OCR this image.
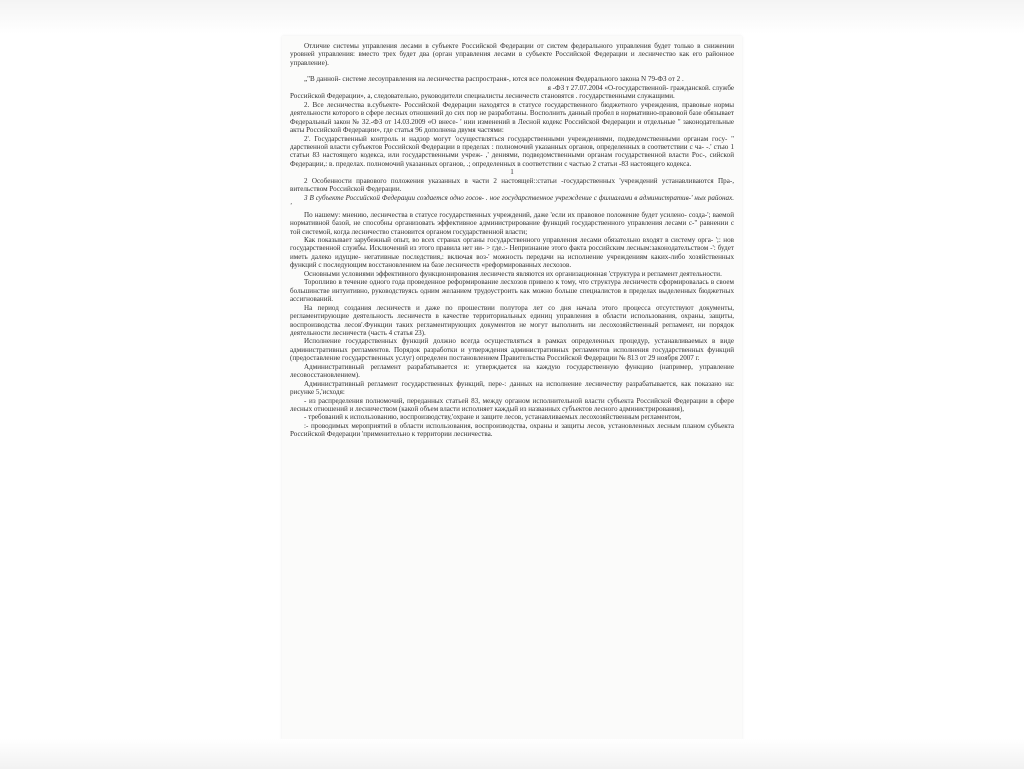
Отличие системы управления лесами в субъекте Российской Федерации от систем федерального управления будет только в снижении уровней управления: вместо трех будет два (орган управления лесами в субъекте Российской Федерации и лесничество как его районное управление).

„"В данной- системе лесоуправления на лесничества распространя-, ются все положения Федерального закона N 79-ФЗ от 2 .

я -ФЗ т 27.07.2004 «О-государственной- гражданской. службе

Российской Федерации», а, следовательно, руководители специалисты лесничеств становятся . государственными служащими.

2. Все лесничества в.субъекте- Российской Федерации находятся в статусе государственного бюджетного учреждения, правовые нормы деятельности которого в сфере лесных отношений до сих пор не разработаны. Восполнить данный пробел в нормативно-правовой базе обязывает Федеральный закон № 32.-ФЗ от 14.03.2009 «О внесе- ' нии изменений в Лесной кодекс Российской Федерации и отдельные " законодательные акты Российской Федерации», где статья 96 дополнена двумя частями:

2'. Государственный контроль и надзор могут 'осуществляться государственными учреждениями, подведомственными органам госу- " дарственной власти субъектов Российской Федерации в пределах : полномочий указанных органов, определенных в соответствии с ча- -.' стью 1 статьи 83 настоящего кодекса, или государственными учреж- ,' дениями, подведомственными органам государственной власти Рос-, сийской Федерации,: в. пределах. полномочий указанных органов, .; определенных в соответствии с частью 2 статьи -83 настоящего кодекса.

1

2 Особенности правового положения указанных в части 2 настоящей::статьи -государственных 'учреждений устанавливаются Пра-, вительством Российской Федерации.

3 В субъекте Российской Федерации создается одно госов- . ное государственное учреждение с филиалами в административ-' ных районах. '

По нашему: мнению, лесничества в статусе государственных учреждений, даже 'если их правовое положение будет усилено- созда-'; ваемой нормативной базой, не способны организовать эффективное администрирование функций государственного управления лесами с-" равнении с той системой, когда лесничество становится органом государственной власти;

Как показывает зарубежный опыт, во всех странах органы государственного управления лесами обязательно входят в систему орга- ';: нов государственной службы. Исключений из этого правила нет ни- > где.:- Непризнание этого факта российским лесным:законодательством -': будет иметь далеко идущие- негативные последствия,: включая воз-' можность передачи на исполнение учреждениям каких-либо хозяйственных функций с последующим восстановлением на базе лесничеств «реформированных лесхозов.

Основными условиями эффективного функционирования лесничеств являются их организационная 'структура и регламент деятельности.

Торопливо в течение одного года проведенное реформирование лесхозов привело к тому, что структура лесничеств сформировалась в своем большинстве интуитивно, руководствуясь одним желанием трудоустроить как можно больше специалистов в пределах выделенных бюджетных ассигнований.

На период создания лесничеств и даже по прошествии полутора лет со дня начала этого процесса отсутствуют документы, регламентирующие деятельность лесничеств в качестве территориальных единиц управления в области использования, охраны, защиты, воспроизводства лесов'.Функции таких регламентирующих документов не могут выполнить ни лесохозяйственный регламент, ни порядок деятельности лесничеств (часть 4 статья 23).

Исполнение государственных функций должно всегда осуществляться в рамках определенных процедур, устанавливаемых в виде административных регламентов. Порядок разработки и утверждения административных регламентов исполнения государственных функций (предоставление государственных услуг) определен постановлением Правительства Российской Федерации № 813 от 29 ноября 2007 г.

Административный регламент разрабатывается и: утверждается на каждую государственную функцию (например, управление лесовосстановлением).

Административный регламент государственных функций, пере-: данных на исполнение лесничеству разрабатывается, как показано на: рисунке 5,'исходя:

- из распределения полномочий, переданных статьей 83, между органом исполнительной власти субъекта Российской Федерации в сфере лесных отношений и лесничеством (какой объем власти исполняет каждый из названных субъектов лесного администрирования),

- требований к использованию, воспроизводству,'охране и защите лесов, устанавливаемых лесохозяйственным регламентом,

:- проводимых мероприятий в области использования, воспроизводства, охраны и защиты лесов, установленных лесным планом субъекта Российской Федерации 'применительно к территории лесничества.
